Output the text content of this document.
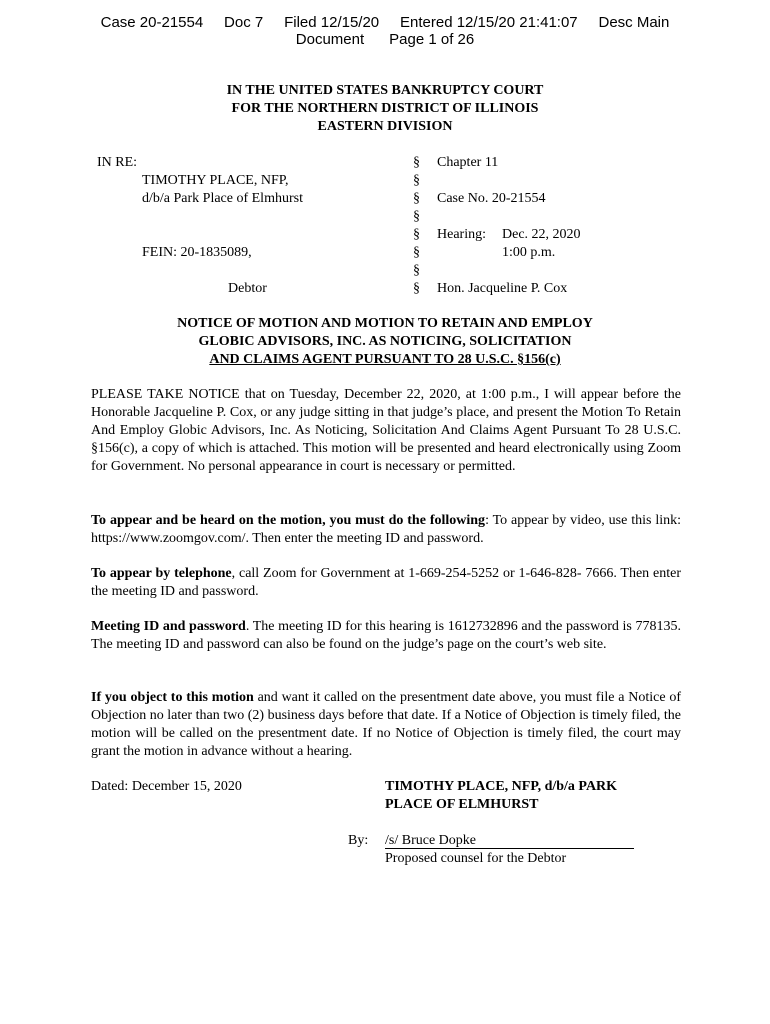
Case 20-21554 Doc 7 Filed 12/15/20 Entered 12/15/20 21:41:07 Desc Main
Document Page 1 of 26
IN THE UNITED STATES BANKRUPTCY COURT
FOR THE NORTHERN DISTRICT OF ILLINOIS
EASTERN DIVISION
IN RE:
TIMOTHY PLACE, NFP,
d/b/a Park Place of Elmhurst
FEIN: 20-1835089,
Debtor
§
§
§
§
§
§
§
§
Chapter 11
Case No. 20-21554
Hearing: Dec. 22, 2020
1:00 p.m.
Hon. Jacqueline P. Cox
NOTICE OF MOTION AND MOTION TO RETAIN AND EMPLOY
GLOBIC ADVISORS, INC. AS NOTICING, SOLICITATION
AND CLAIMS AGENT PURSUANT TO 28 U.S.C. §156(c)
PLEASE TAKE NOTICE that on Tuesday, December 22, 2020, at 1:00 p.m., I will appear before the Honorable Jacqueline P. Cox, or any judge sitting in that judge’s place, and present the Motion To Retain And Employ Globic Advisors, Inc. As Noticing, Solicitation And Claims Agent Pursuant To 28 U.S.C. §156(c), a copy of which is attached. This motion will be presented and heard electronically using Zoom for Government. No personal appearance in court is necessary or permitted.
To appear and be heard on the motion, you must do the following: To appear by video, use this link: https://www.zoomgov.com/. Then enter the meeting ID and password.
To appear by telephone, call Zoom for Government at 1-669-254-5252 or 1-646-828- 7666. Then enter the meeting ID and password.
Meeting ID and password. The meeting ID for this hearing is 1612732896 and the password is 778135. The meeting ID and password can also be found on the judge’s page on the court’s web site.
If you object to this motion and want it called on the presentment date above, you must file a Notice of Objection no later than two (2) business days before that date. If a Notice of Objection is timely filed, the motion will be called on the presentment date. If no Notice of Objection is timely filed, the court may grant the motion in advance without a hearing.
Dated: December 15, 2020	TIMOTHY PLACE, NFP, d/b/a PARK
PLACE OF ELMHURST
By: /s/ Bruce Dopke
Proposed counsel for the Debtor
